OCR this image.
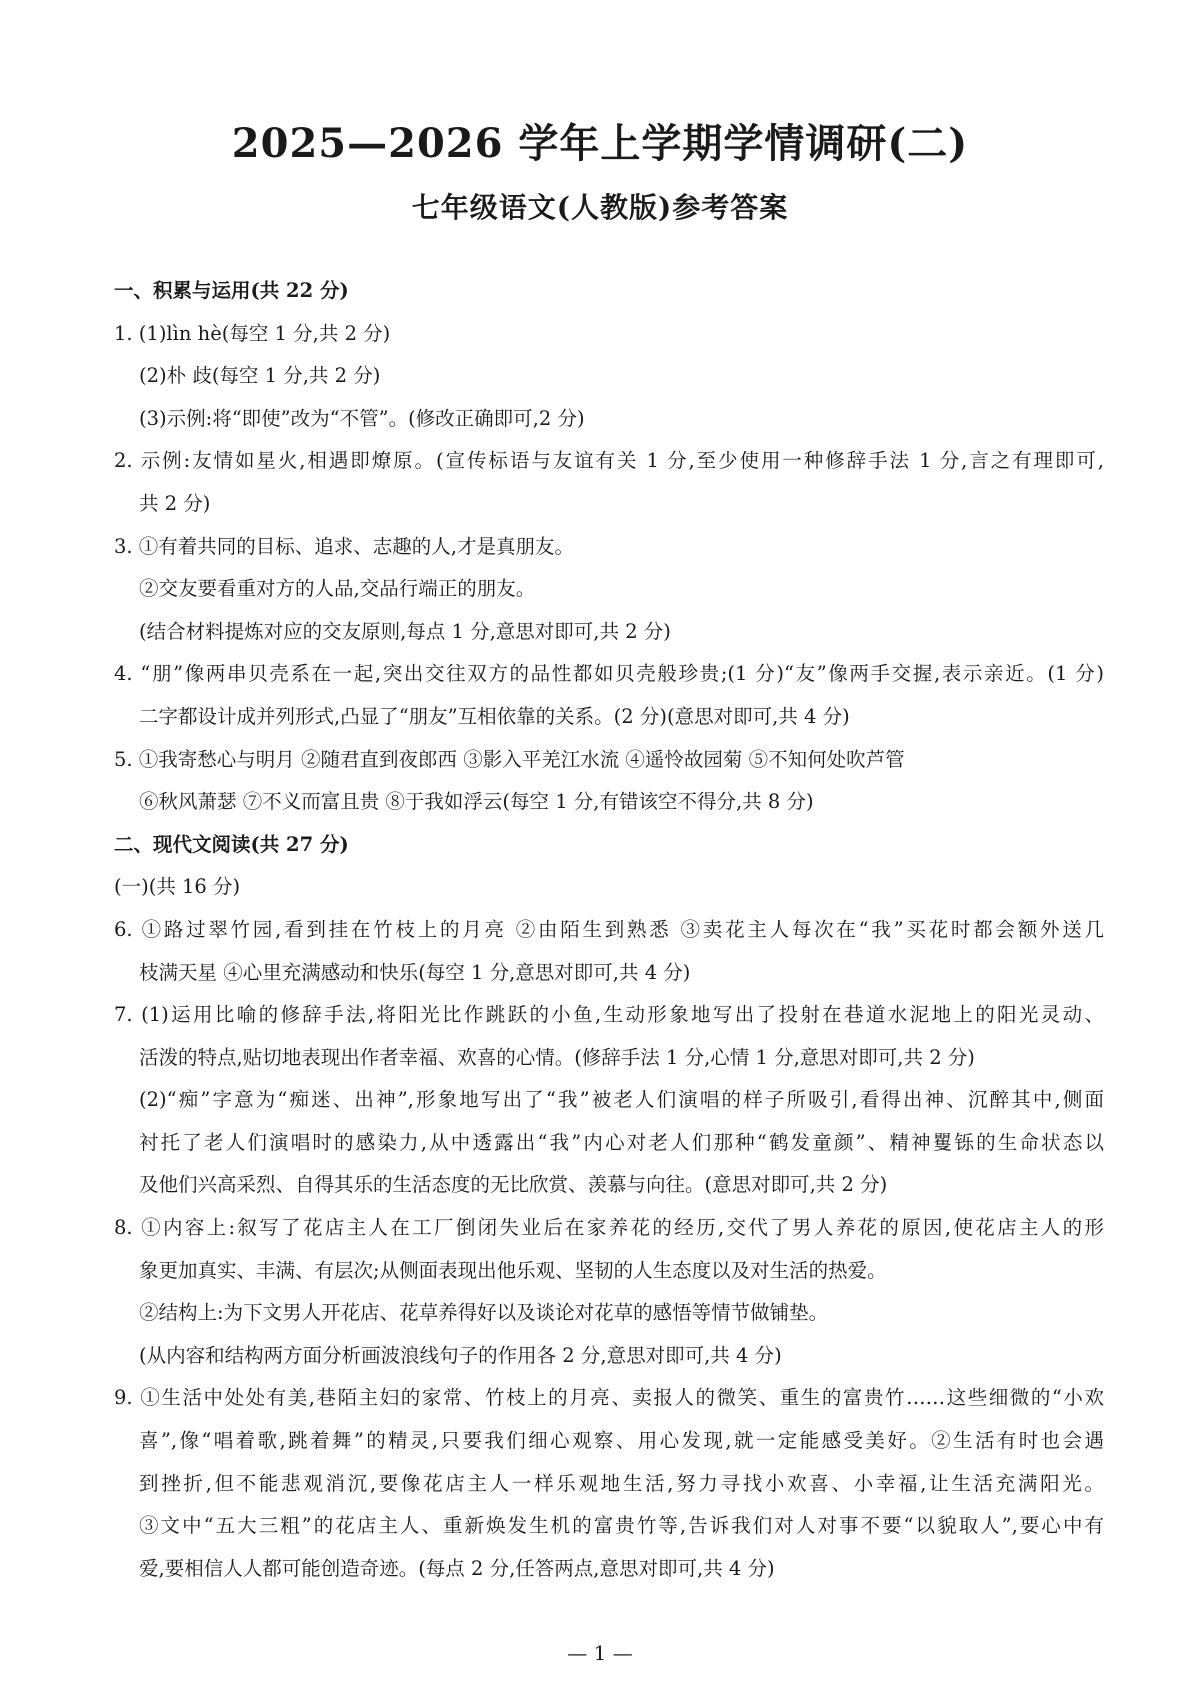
2025—2026 学年上学期学情调研(二)
七年级语文(人教版)参考答案
一、积累与运用(共 22 分)
1. (1)lìn hè(每空 1 分,共 2 分)
(2)朴 歧(每空 1 分,共 2 分)
(3)示例:将“即使”改为“不管”。(修改正确即可,2 分)
2. 示例:友情如星火,相遇即燎原。(宣传标语与友谊有关 1 分,至少使用一种修辞手法 1 分,言之有理即可,
共 2 分)
3. ①有着共同的目标、追求、志趣的人,才是真朋友。
②交友要看重对方的人品,交品行端正的朋友。
(结合材料提炼对应的交友原则,每点 1 分,意思对即可,共 2 分)
4. “朋”像两串贝壳系在一起,突出交往双方的品性都如贝壳般珍贵;(1 分)“友”像两手交握,表示亲近。(1 分)
二字都设计成并列形式,凸显了“朋友”互相依靠的关系。(2 分)(意思对即可,共 4 分)
5. ①我寄愁心与明月 ②随君直到夜郎西 ③影入平羌江水流 ④遥怜故园菊 ⑤不知何处吹芦管
⑥秋风萧瑟 ⑦不义而富且贵 ⑧于我如浮云(每空 1 分,有错该空不得分,共 8 分)
二、现代文阅读(共 27 分)
(一)(共 16 分)
6. ①路过翠竹园,看到挂在竹枝上的月亮 ②由陌生到熟悉 ③卖花主人每次在“我”买花时都会额外送几
枝满天星 ④心里充满感动和快乐(每空 1 分,意思对即可,共 4 分)
7. (1)运用比喻的修辞手法,将阳光比作跳跃的小鱼,生动形象地写出了投射在巷道水泥地上的阳光灵动、
活泼的特点,贴切地表现出作者幸福、欢喜的心情。(修辞手法 1 分,心情 1 分,意思对即可,共 2 分)
(2)“痴”字意为“痴迷、出神”,形象地写出了“我”被老人们演唱的样子所吸引,看得出神、沉醉其中,侧面
衬托了老人们演唱时的感染力,从中透露出“我”内心对老人们那种“鹤发童颜”、精神矍铄的生命状态以
及他们兴高采烈、自得其乐的生活态度的无比欣赏、羡慕与向往。(意思对即可,共 2 分)
8. ①内容上:叙写了花店主人在工厂倒闭失业后在家养花的经历,交代了男人养花的原因,使花店主人的形
象更加真实、丰满、有层次;从侧面表现出他乐观、坚韧的人生态度以及对生活的热爱。
②结构上:为下文男人开花店、花草养得好以及谈论对花草的感悟等情节做铺垫。
(从内容和结构两方面分析画波浪线句子的作用各 2 分,意思对即可,共 4 分)
9. ①生活中处处有美,巷陌主妇的家常、竹枝上的月亮、卖报人的微笑、重生的富贵竹……这些细微的“小欢
喜”,像“唱着歌,跳着舞”的精灵,只要我们细心观察、用心发现,就一定能感受美好。②生活有时也会遇
到挫折,但不能悲观消沉,要像花店主人一样乐观地生活,努力寻找小欢喜、小幸福,让生活充满阳光。
③文中“五大三粗”的花店主人、重新焕发生机的富贵竹等,告诉我们对人对事不要“以貌取人”,要心中有
爱,要相信人人都可能创造奇迹。(每点 2 分,任答两点,意思对即可,共 4 分)
— 1 —
